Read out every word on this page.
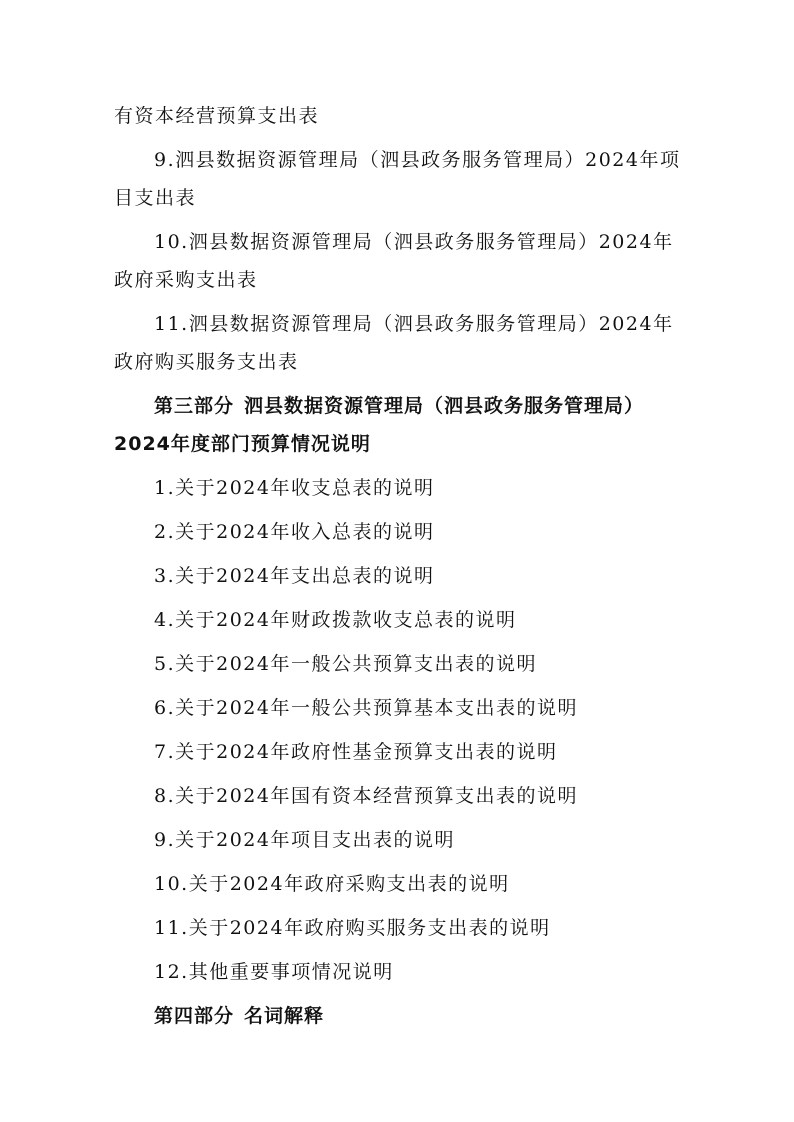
有资本经营预算支出表
9.泗县数据资源管理局（泗县政务服务管理局）2024年项
目支出表
10.泗县数据资源管理局（泗县政务服务管理局）2024年
政府采购支出表
11.泗县数据资源管理局（泗县政务服务管理局）2024年
政府购买服务支出表
第三部分 泗县数据资源管理局（泗县政务服务管理局）
2024年度部门预算情况说明
1.关于2024年收支总表的说明
2.关于2024年收入总表的说明
3.关于2024年支出总表的说明
4.关于2024年财政拨款收支总表的说明
5.关于2024年一般公共预算支出表的说明
6.关于2024年一般公共预算基本支出表的说明
7.关于2024年政府性基金预算支出表的说明
8.关于2024年国有资本经营预算支出表的说明
9.关于2024年项目支出表的说明
10.关于2024年政府采购支出表的说明
11.关于2024年政府购买服务支出表的说明
12.其他重要事项情况说明
第四部分 名词解释
